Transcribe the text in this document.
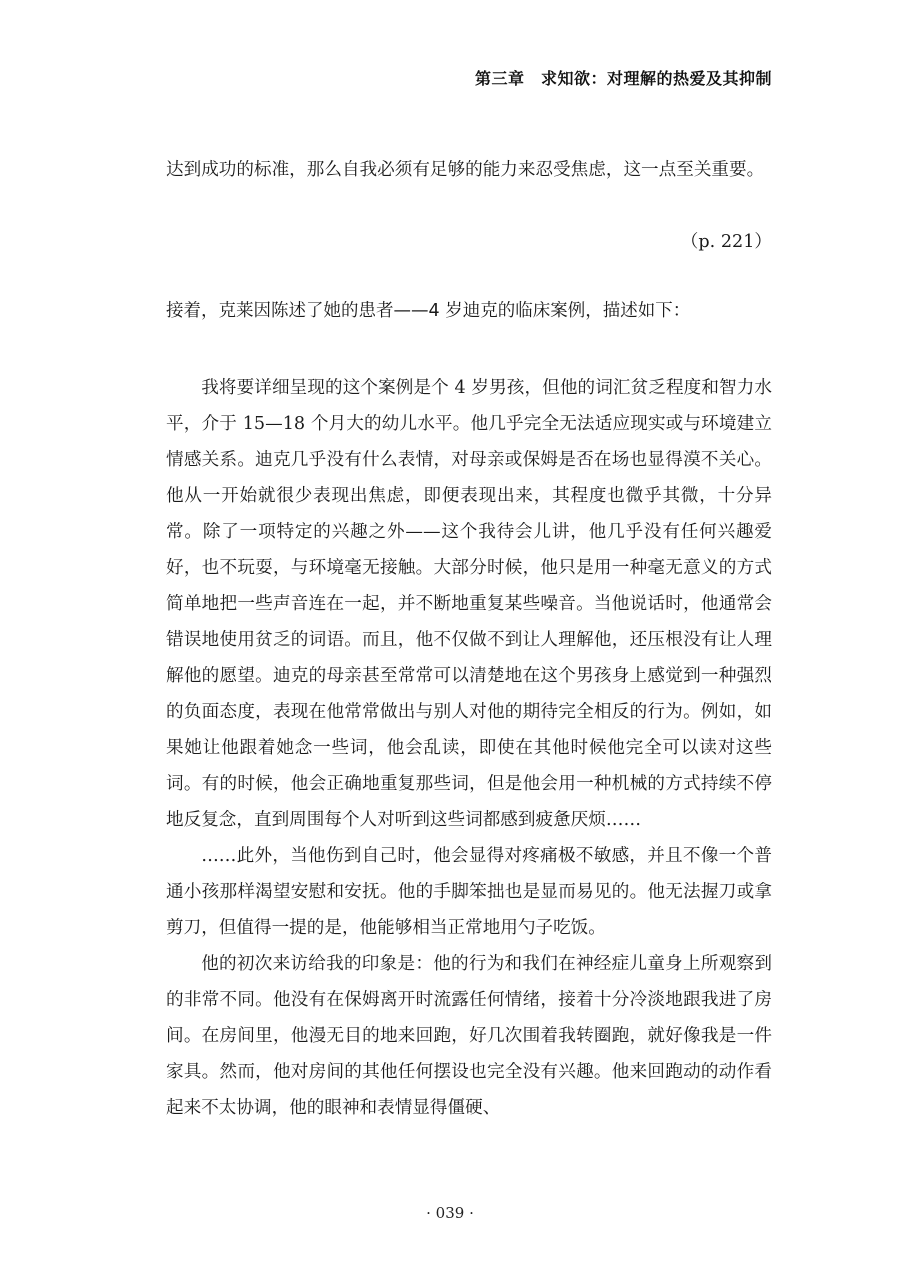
第三章　求知欲：对理解的热爱及其抑制

达到成功的标准，那么自我必须有足够的能力来忍受焦虑，这一点至关重要。

（p. 221）
接着，克莱因陈述了她的患者——4 岁迪克的临床案例，描述如下：

我将要详细呈现的这个案例是个 4 岁男孩，但他的词汇贫乏程度和智力水平，介于 15—18 个月大的幼儿水平。他几乎完全无法适应现实或与环境建立情感关系。迪克几乎没有什么表情，对母亲或保姆是否在场也显得漠不关心。他从一开始就很少表现出焦虑，即便表现出来，其程度也微乎其微，十分异常。除了一项特定的兴趣之外——这个我待会儿讲，他几乎没有任何兴趣爱好，也不玩耍，与环境毫无接触。大部分时候，他只是用一种毫无意义的方式简单地把一些声音连在一起，并不断地重复某些噪音。当他说话时，他通常会错误地使用贫乏的词语。而且，他不仅做不到让人理解他，还压根没有让人理解他的愿望。迪克的母亲甚至常常可以清楚地在这个男孩身上感觉到一种强烈的负面态度，表现在他常常做出与别人对他的期待完全相反的行为。例如，如果她让他跟着她念一些词，他会乱读，即使在其他时候他完全可以读对这些词。有的时候，他会正确地重复那些词，但是他会用一种机械的方式持续不停地反复念，直到周围每个人对听到这些词都感到疲惫厌烦……

……此外，当他伤到自己时，他会显得对疼痛极不敏感，并且不像一个普通小孩那样渴望安慰和安抚。他的手脚笨拙也是显而易见的。他无法握刀或拿剪刀，但值得一提的是，他能够相当正常地用勺子吃饭。

他的初次来访给我的印象是：他的行为和我们在神经症儿童身上所观察到的非常不同。他没有在保姆离开时流露任何情绪，接着十分冷淡地跟我进了房间。在房间里，他漫无目的地来回跑，好几次围着我转圈跑，就好像我是一件家具。然而，他对房间的其他任何摆设也完全没有兴趣。他来回跑动的动作看起来不太协调，他的眼神和表情显得僵硬、

· 039 ·
